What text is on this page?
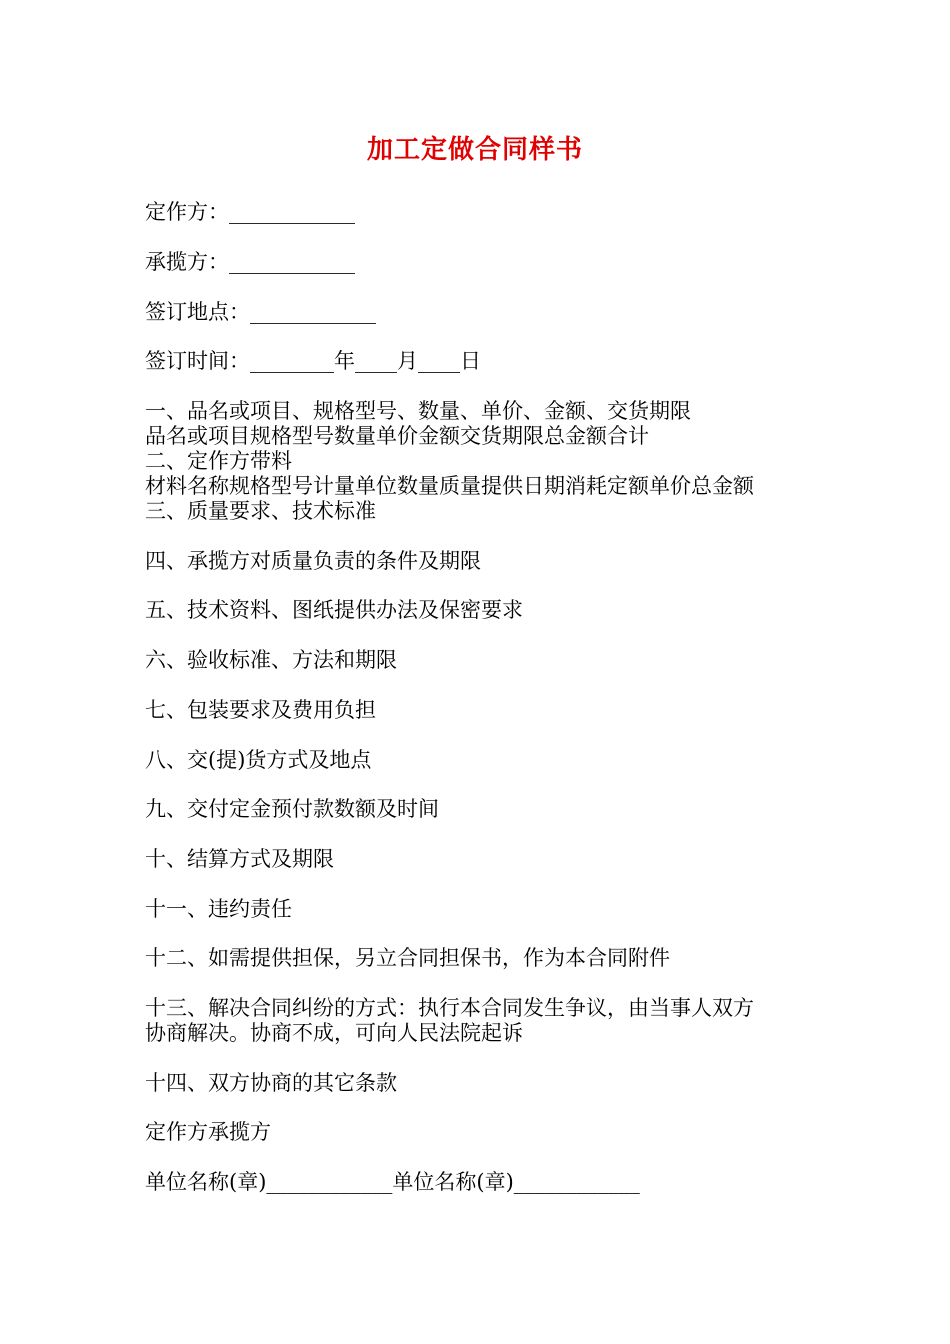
加工定做合同样书
定作方：____________
承揽方：____________
签订地点：____________
签订时间：________年____月____日
一、品名或项目、规格型号、数量、单价、金额、交货期限
品名或项目规格型号数量单价金额交货期限总金额合计
二、定作方带料
材料名称规格型号计量单位数量质量提供日期消耗定额单价总金额
三、质量要求、技术标准
四、承揽方对质量负责的条件及期限
五、技术资料、图纸提供办法及保密要求
六、验收标准、方法和期限
七、包装要求及费用负担
八、交(提)货方式及地点
九、交付定金预付款数额及时间
十、结算方式及期限
十一、违约责任
十二、如需提供担保，另立合同担保书，作为本合同附件
十三、解决合同纠纷的方式：执行本合同发生争议，由当事人双方
协商解决。协商不成，可向人民法院起诉
十四、双方协商的其它条款
定作方承揽方
单位名称(章)____________单位名称(章)____________
